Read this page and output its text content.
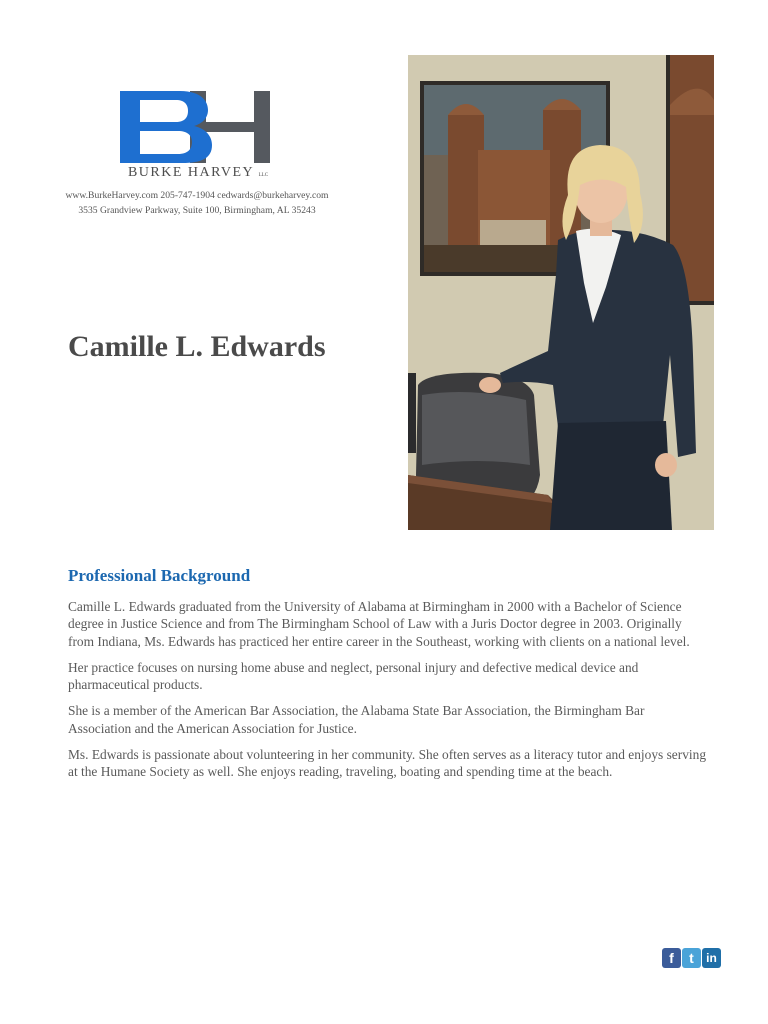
BURKE HARVEY LLC
www.BurkeHarvey.com 205-747-1904 cedwards@burkeharvey.com
3535 Grandview Parkway, Suite 100, Birmingham, AL 35243
Camille L. Edwards
Professional Background

Camille L. Edwards graduated from the University of Alabama at Birmingham in 2000 with a Bachelor of Science degree in Justice Science and from The Birmingham School of Law with a Juris Doctor degree in 2003. Originally from Indiana, Ms. Edwards has practiced her entire career in the Southeast, working with clients on a national level.

Her practice focuses on nursing home abuse and neglect, personal injury and defective medical device and pharmaceutical products.

She is a member of the American Bar Association, the Alabama State Bar Association, the Birmingham Bar Association and the American Association for Justice.

Ms. Edwards is passionate about volunteering in her community. She often serves as a literacy tutor and enjoys serving at the Humane Society as well. She enjoys reading, traveling, boating and spending time at the beach.

f	t	in
